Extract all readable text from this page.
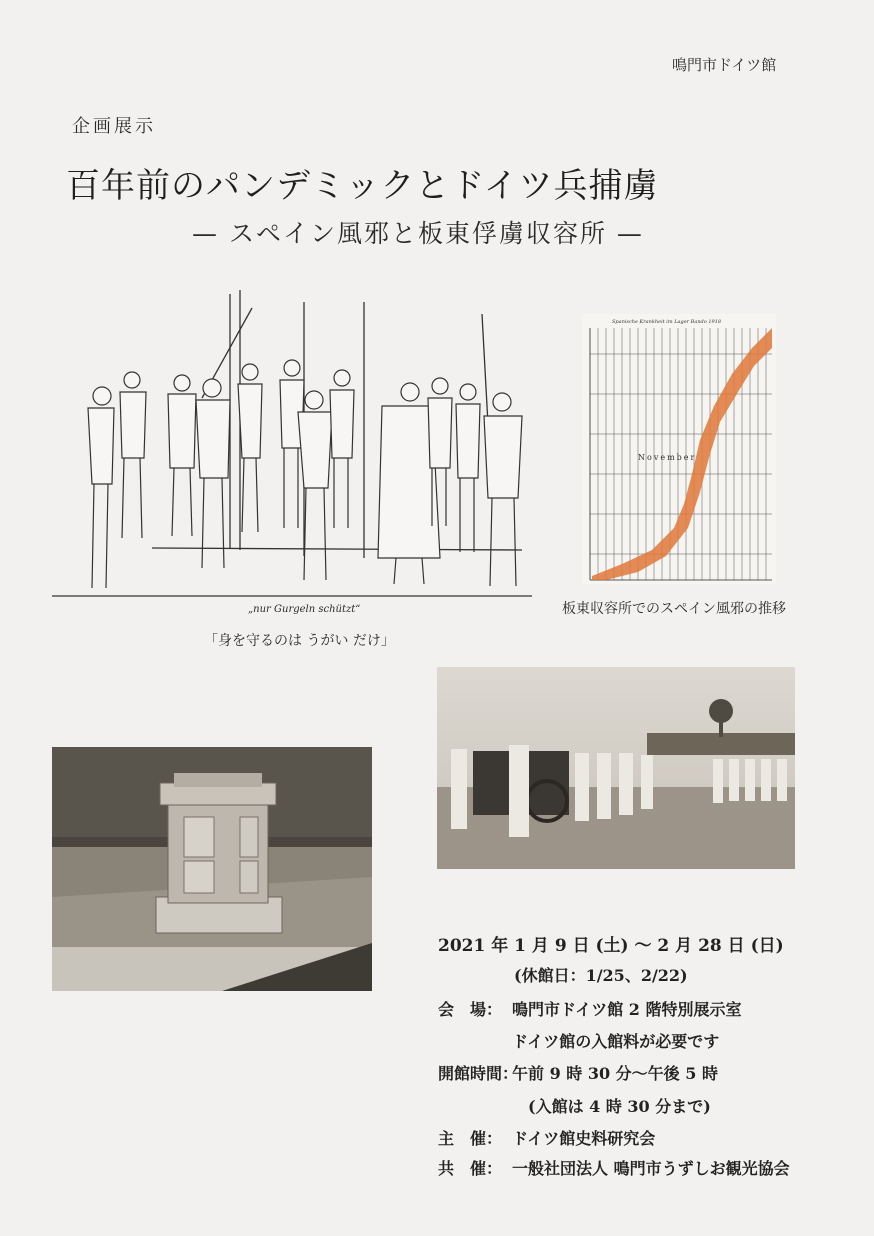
鳴門市ドイツ館
企画展示
百年前のパンデミックとドイツ兵捕虜
— スペイン風邪と板東俘虜収容所 —
„nur Gurgeln schützt“
「身を守るのは うがい だけ」
Spanische Krankheit im Lager Bando 1918
November
板東収容所でのスペイン風邪の推移
2021 年 1 月 9 日 (土) 〜 2 月 28 日 (日)
(休館日：1/25、2/22)
会　場： 鳴門市ドイツ館 2 階特別展示室
ドイツ館の入館料が必要です
開館時間：
午前 9 時 30 分〜午後 5 時
(入館は 4 時 30 分まで)
主　催： ドイツ館史料研究会
共　催： 一般社団法人 鳴門市うずしお観光協会
